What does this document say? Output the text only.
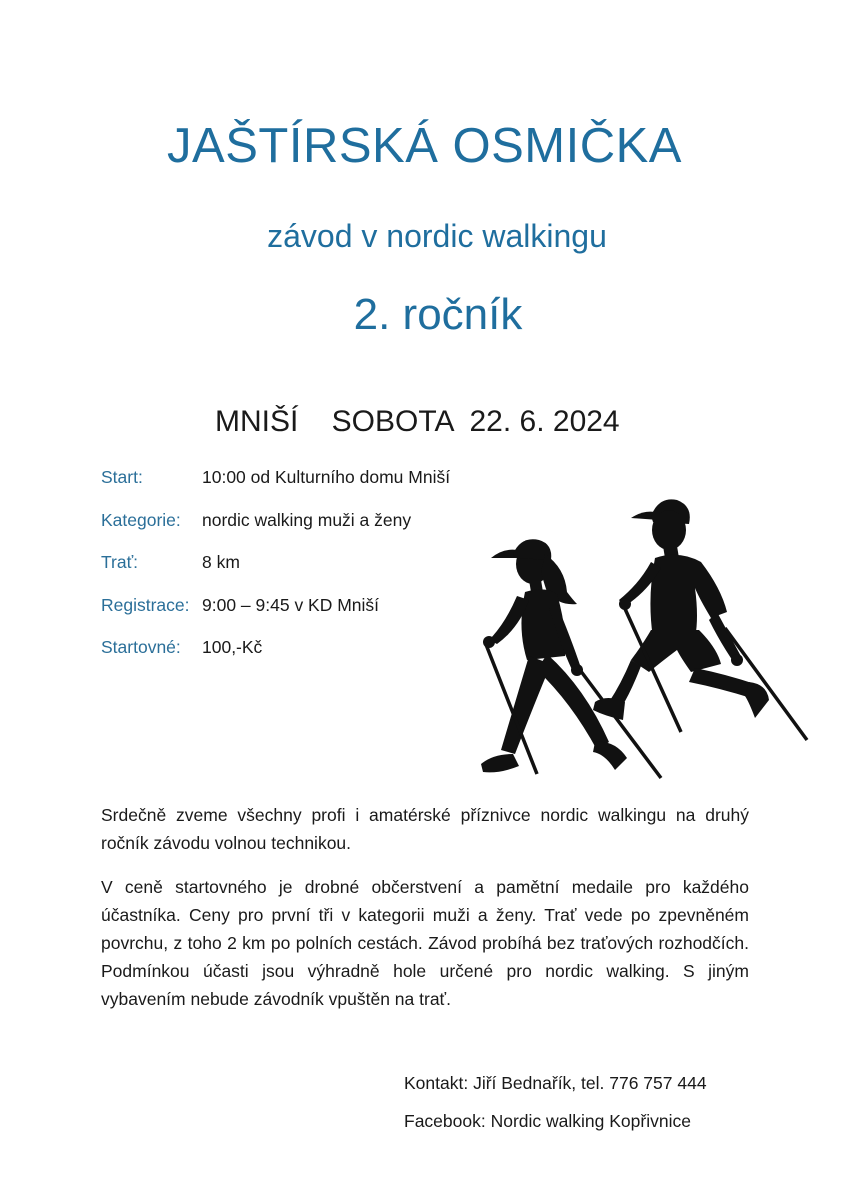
JAŠTÍRSKÁ OSMIČKA
závod v nordic walkingu
2. ročník
MNIŠÍ    SOBOTA  22. 6. 2024
Start:	10:00 od Kulturního domu Mniší
Kategorie: nordic walking muži a ženy
Trať:	8 km
Registrace: 9:00 – 9:45 v KD Mniší
Startovné: 100,-Kč
Srdečně zveme všechny profi i amatérské příznivce nordic walkingu na druhý ročník závodu volnou technikou.
V ceně startovného je drobné občerstvení a pamětní medaile pro každého účastníka. Ceny pro první tři v kategorii muži a ženy. Trať vede po zpevněném povrchu, z toho 2 km po polních cestách. Závod probíhá bez traťových rozhodčích. Podmínkou účasti jsou výhradně hole určené pro nordic walking. S jiným vybavením nebude závodník vpuštěn na trať.
Kontakt: Jiří Bednařík, tel. 776 757 444
Facebook: Nordic walking Kopřivnice
